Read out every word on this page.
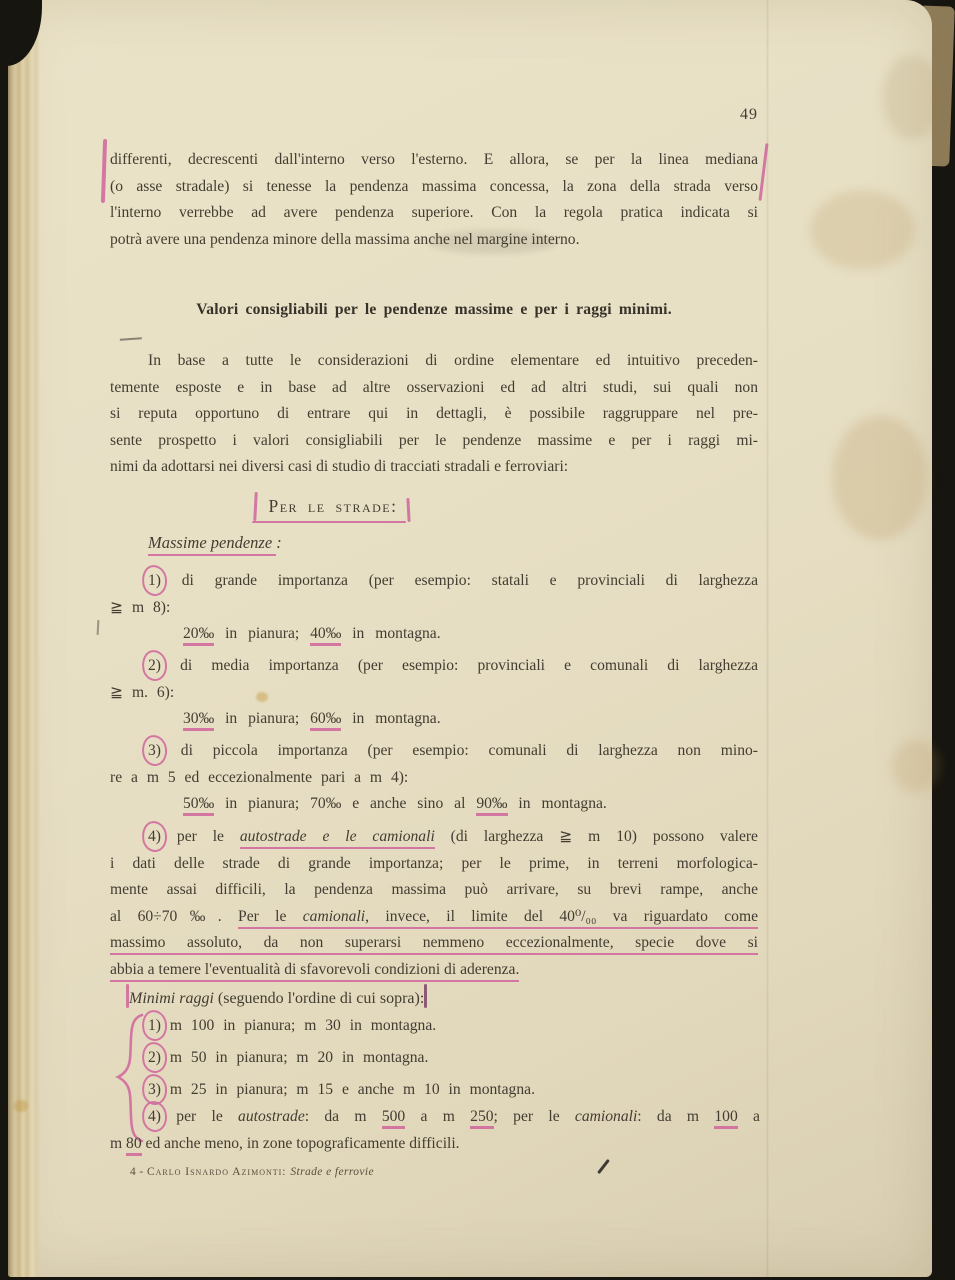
49
differenti, decrescenti dall'interno verso l'esterno. E allora, se per la linea mediana
(o asse stradale) si tenesse la pendenza massima concessa, la zona della strada verso
l'interno verrebbe ad avere pendenza superiore. Con la regola pratica indicata si
potrà avere una pendenza minore della massima anche nel margine interno.
Valori consigliabili per le pendenze massime e per i raggi minimi.
In base a tutte le considerazioni di ordine elementare ed intuitivo preceden-
temente esposte e in base ad altre osservazioni ed ad altri studi, sui quali non
si reputa opportuno di entrare qui in dettagli, è possibile raggruppare nel pre-
sente prospetto i valori consigliabili per le pendenze massime e per i raggi mi-
nimi da adottarsi nei diversi casi di studio di tracciati stradali e ferroviari:
Per le strade:
Massime pendenze :
1) di grande importanza (per esempio: statali e provinciali di larghezza
≧ m 8):
20‰ in pianura; 40‰ in montagna.
2) di media importanza (per esempio: provinciali e comunali di larghezza
≧ m. 6):
30‰ in pianura; 60‰ in montagna.
3) di piccola importanza (per esempio: comunali di larghezza non mino-
re a m 5 ed eccezionalmente pari a m 4):
50‰ in pianura; 70‰ e anche sino al 90‰ in montagna.
4) per le autostrade e le camionali (di larghezza ≧ m 10) possono valere
i dati delle strade di grande importanza; per le prime, in terreni morfologica-
mente assai difficili, la pendenza massima può arrivare, su brevi rampe, anche
al 60÷70‰. Per le camionali, invece, il limite del 40⁰/₀₀ va riguardato come
massimo assoluto, da non superarsi nemmeno eccezionalmente, specie dove si
abbia a temere l'eventualità di sfavorevoli condizioni di aderenza.
Minimi raggi (seguendo l'ordine di cui sopra):
1) m 100 in pianura; m 30 in montagna.
2) m 50 in pianura; m 20 in montagna.
3) m 25 in pianura; m 15 e anche m 10 in montagna.
4) per le autostrade: da m 500 a m 250; per le camionali: da m 100 a
m 80 ed anche meno, in zone topograficamente difficili.
4 - Carlo Isnardo Azimonti: Strade e ferrovie
